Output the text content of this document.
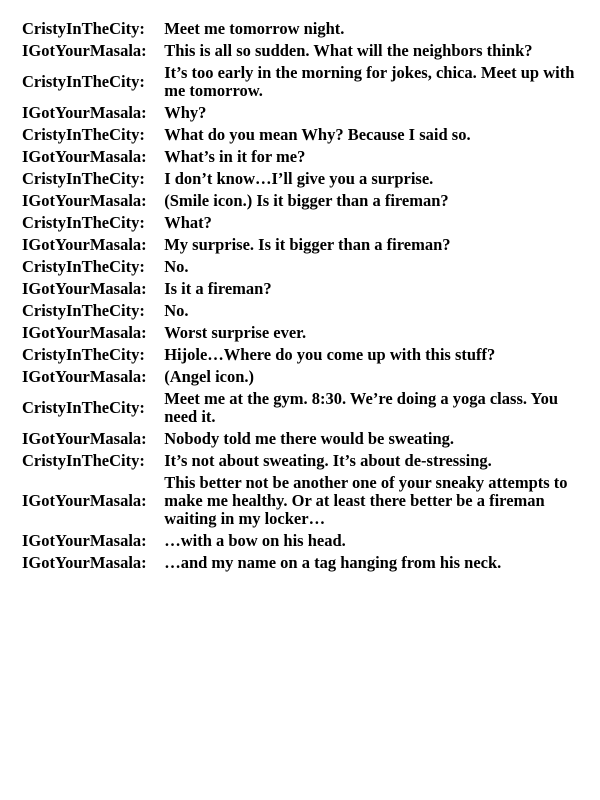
CristyInTheCity:	Meet me tomorrow night.
IGotYourMasala:	This is all so sudden. What will the neighbors think?
CristyInTheCity:	It’s too early in the morning for jokes, chica. Meet up with me tomorrow.
IGotYourMasala:	Why?
CristyInTheCity:	What do you mean Why? Because I said so.
IGotYourMasala:	What’s in it for me?
CristyInTheCity:	I don’t know…I’ll give you a surprise.
IGotYourMasala:	(Smile icon.) Is it bigger than a fireman?
CristyInTheCity:	What?
IGotYourMasala:	My surprise. Is it bigger than a fireman?
CristyInTheCity:	No.
IGotYourMasala:	Is it a fireman?
CristyInTheCity:	No.
IGotYourMasala:	Worst surprise ever.
CristyInTheCity:	Hijole…Where do you come up with this stuff?
IGotYourMasala:	(Angel icon.)
CristyInTheCity:	Meet me at the gym. 8:30. We’re doing a yoga class. You need it.
IGotYourMasala:	Nobody told me there would be sweating.
CristyInTheCity:	It’s not about sweating. It’s about de-stressing.
IGotYourMasala:	This better not be another one of your sneaky attempts to make me healthy. Or at least there better be a fireman waiting in my locker…
IGotYourMasala:	…with a bow on his head.
IGotYourMasala:	…and my name on a tag hanging from his neck.
